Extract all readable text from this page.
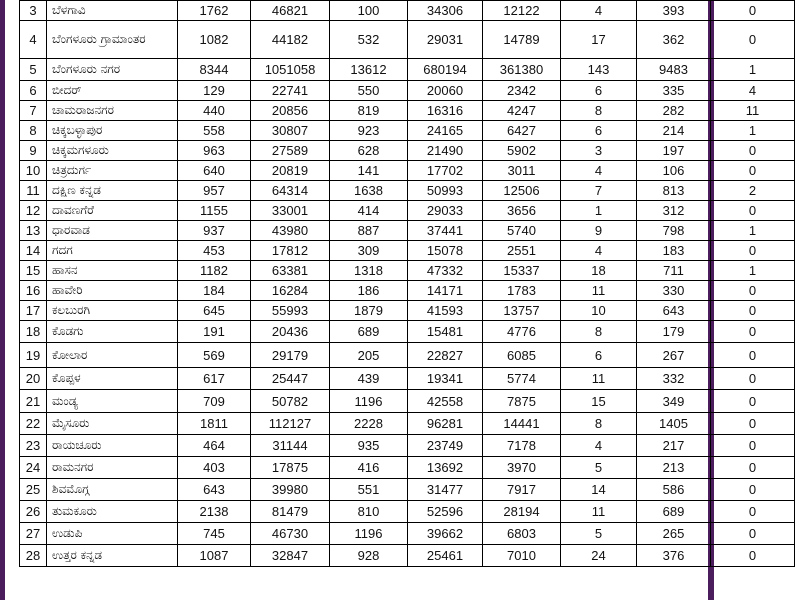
3	ಬೆಳಗಾವಿ	1762	46821	100	34306	12122	4	393	0
4	ಬೆಂಗಳೂರು ಗ್ರಾಮಾಂತರ	1082	44182	532	29031	14789	17	362	0
5	ಬೆಂಗಳೂರು ನಗರ	8344	1051058	13612	680194	361380	143	9483	1
6	ಬೀದರ್	129	22741	550	20060	2342	6	335	4
7	ಚಾಮರಾಜನಗರ	440	20856	819	16316	4247	8	282	11
8	ಚಿಕ್ಕಬಳ್ಳಾಪುರ	558	30807	923	24165	6427	6	214	1
9	ಚಿಕ್ಕಮಗಳೂರು	963	27589	628	21490	5902	3	197	0
10	ಚಿತ್ರದುರ್ಗ	640	20819	141	17702	3011	4	106	0
11	ದಕ್ಷಿಣ ಕನ್ನಡ	957	64314	1638	50993	12506	7	813	2
12	ದಾವಣಗೆರೆ	1155	33001	414	29033	3656	1	312	0
13	ಧಾರವಾಡ	937	43980	887	37441	5740	9	798	1
14	ಗದಗ	453	17812	309	15078	2551	4	183	0
15	ಹಾಸನ	1182	63381	1318	47332	15337	18	711	1
16	ಹಾವೇರಿ	184	16284	186	14171	1783	11	330	0
17	ಕಲಬುರಗಿ	645	55993	1879	41593	13757	10	643	0
18	ಕೊಡಗು	191	20436	689	15481	4776	8	179	0
19	ಕೋಲಾರ	569	29179	205	22827	6085	6	267	0
20	ಕೊಪ್ಪಳ	617	25447	439	19341	5774	11	332	0
21	ಮಂಡ್ಯ	709	50782	1196	42558	7875	15	349	0
22	ಮೈಸೂರು	1811	112127	2228	96281	14441	8	1405	0
23	ರಾಯಚೂರು	464	31144	935	23749	7178	4	217	0
24	ರಾಮನಗರ	403	17875	416	13692	3970	5	213	0
25	ಶಿವಮೊಗ್ಗ	643	39980	551	31477	7917	14	586	0
26	ತುಮಕೂರು	2138	81479	810	52596	28194	11	689	0
27	ಉಡುಪಿ	745	46730	1196	39662	6803	5	265	0
28	ಉತ್ತರ ಕನ್ನಡ	1087	32847	928	25461	7010	24	376	0
